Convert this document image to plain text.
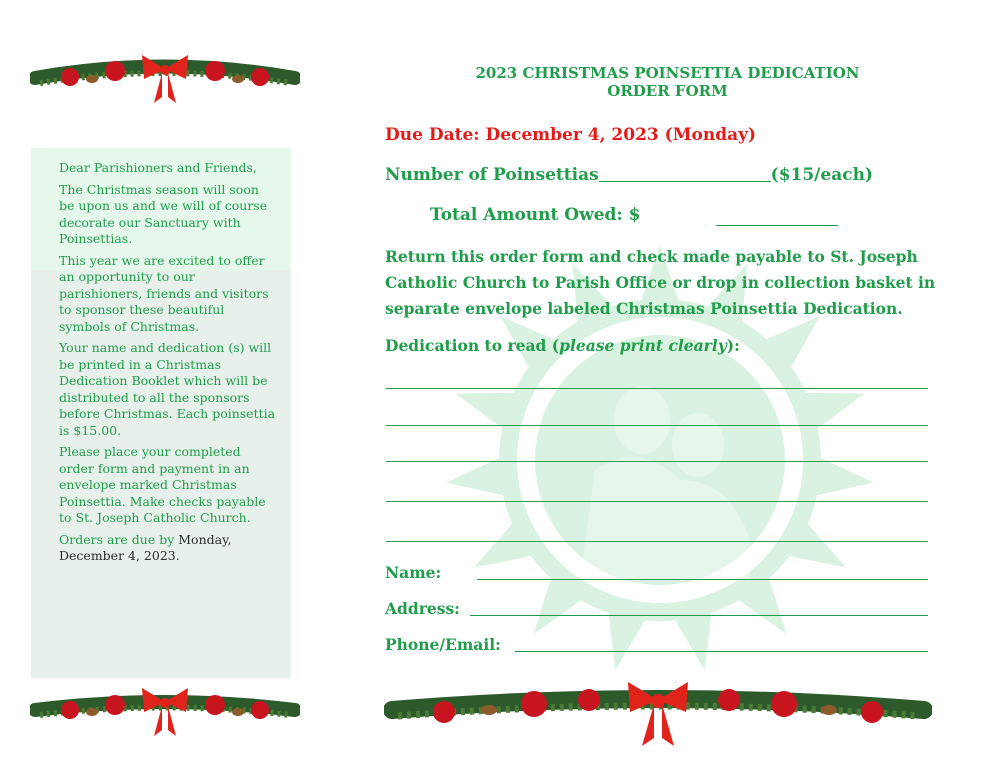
Dear Parishioners and Friends,

The Christmas season will soon be upon us and we will of course decorate our Sanctuary with Poinsettias.

This year we are excited to offer an opportunity to our parishioners, friends and visitors to sponsor these beautiful symbols of Christmas.

Your name and dedication (s) will be printed in a Christmas Dedication Booklet which will be distributed to all the sponsors before Christmas. Each poinsettia is $15.00.

Please place your completed order form and payment in an envelope marked Christmas Poinsettia. Make checks payable to St. Joseph Catholic Church.

Orders are due by Monday, December 4, 2023.

2023 CHRISTMAS POINSETTIA DEDICATION
ORDER FORM
Due Date: December 4, 2023 (Monday)
Number of Poinsettias	($15/each)
Total Amount Owed: $
Return this order form and check made payable to St. Joseph Catholic Church to Parish Office or drop in collection basket in separate envelope labeled Christmas Poinsettia Dedication.
Dedication to read (please print clearly):
Name:
Address:
Phone/Email:
